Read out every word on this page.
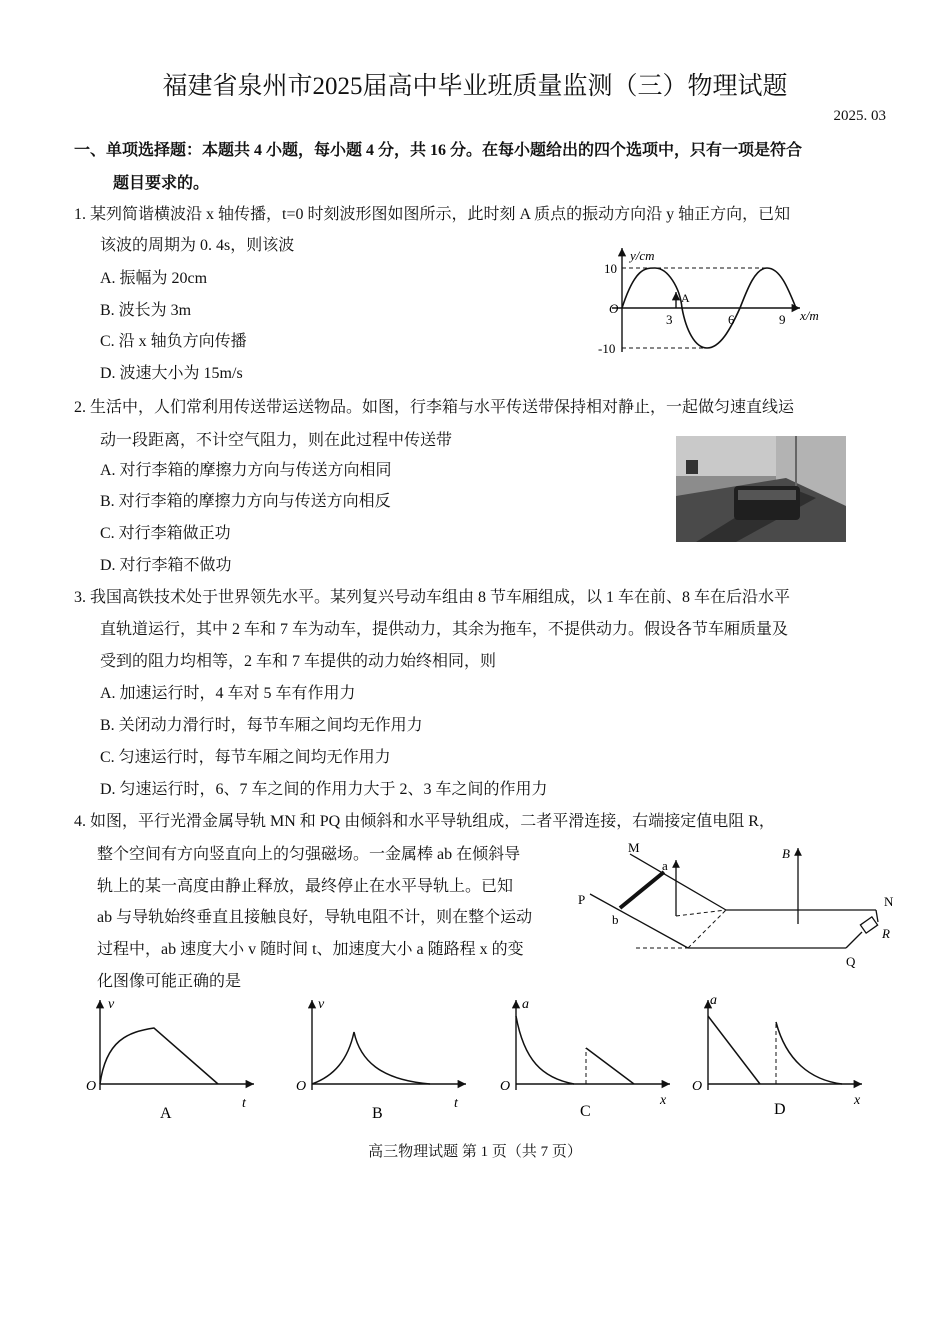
福建省泉州市2025届高中毕业班质量监测（三）物理试题
2025. 03
一、单项选择题：本题共 4 小题，每小题 4 分，共 16 分。在每小题给出的四个选项中，只有一项是符合
题目要求的。
1. 某列简谐横波沿 x 轴传播，t=0 时刻波形图如图所示，此时刻 A 质点的振动方向沿 y 轴正方向，已知
该波的周期为 0. 4s，则该波
A. 振幅为 20cm
B. 波长为 3m
C. 沿 x 轴负方向传播
D. 波速大小为 15m/s
y/cm
x/m
O
A
10
-10
3	6	9
2. 生活中，人们常利用传送带运送物品。如图，行李箱与水平传送带保持相对静止，一起做匀速直线运
动一段距离，不计空气阻力，则在此过程中传送带
A. 对行李箱的摩擦力方向与传送方向相同
B. 对行李箱的摩擦力方向与传送方向相反
C. 对行李箱做正功
D. 对行李箱不做功
3. 我国高铁技术处于世界领先水平。某列复兴号动车组由 8 节车厢组成，以 1 车在前、8 车在后沿水平
直轨道运行，其中 2 车和 7 车为动车，提供动力，其余为拖车，不提供动力。假设各节车厢质量及
受到的阻力均相等，2 车和 7 车提供的动力始终相同，则
A. 加速运行时，4 车对 5 车有作用力
B. 关闭动力滑行时，每节车厢之间均无作用力
C. 匀速运行时，每节车厢之间均无作用力
D. 匀速运行时，6、7 车之间的作用力大于 2、3 车之间的作用力
4. 如图，平行光滑金属导轨 MN 和 PQ 由倾斜和水平导轨组成，二者平滑连接，右端接定值电阻 R，
整个空间有方向竖直向上的匀强磁场。一金属棒 ab 在倾斜导
轨上的某一高度由静止释放，最终停止在水平导轨上。已知
ab 与导轨始终垂直且接触良好，导轨电阻不计，则在整个运动
过程中，ab 速度大小 v 随时间 t、加速度大小 a 随路程 x 的变
化图像可能正确的是
M
P	N
Q
a
b
B
R
v
O
t
A
v
O
t
B
a
O
x
C
a
O
x
D
高三物理试题 第 1 页（共 7 页）
